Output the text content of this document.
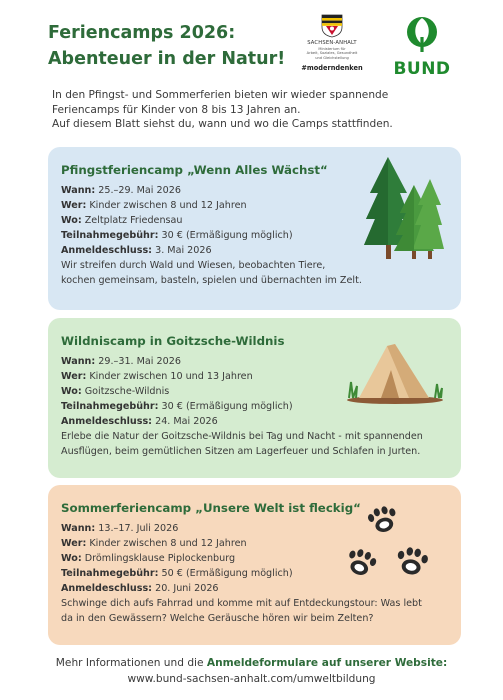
Feriencamps 2026:
Abenteuer in der Natur!
SACHSEN-ANHALT
Ministerium für
Arbeit, Soziales, Gesundheit
und Gleichstellung
#moderndenken	BUND

In den Pfingst- und Sommerferien bieten wir wieder spannende

Feriencamps für Kinder von 8 bis 13 Jahren an.

Auf diesem Blatt siehst du, wann und wo die Camps stattfinden.

Pfingstferiencamp „Wenn Alles Wächst“
Wann: 25.–29. Mai 2026
Wer: Kinder zwischen 8 und 12 Jahren
Wo: Zeltplatz Friedensau
Teilnahmegebühr: 30 € (Ermäßigung möglich)
Anmeldeschluss: 3. Mai 2026
Wir streifen durch Wald und Wiesen, beobachten Tiere,
kochen gemeinsam, basteln, spielen und übernachten im Zelt.
Wildniscamp in Goitzsche-Wildnis
Wann: 29.–31. Mai 2026
Wer: Kinder zwischen 10 und 13 Jahren
Wo: Goitzsche-Wildnis
Teilnahmegebühr: 30 € (Ermäßigung möglich)
Anmeldeschluss: 24. Mai 2026
Erlebe die Natur der Goitzsche-Wildnis bei Tag und Nacht - mit spannenden
Ausflügen, beim gemütlichen Sitzen am Lagerfeuer und Schlafen in Jurten.
Sommerferiencamp „Unsere Welt ist fleckig“
Wann: 13.–17. Juli 2026
Wer: Kinder zwischen 8 und 12 Jahren
Wo: Drömlingsklause Piplockenburg
Teilnahmegebühr: 50 € (Ermäßigung möglich)
Anmeldeschluss: 20. Juni 2026
Schwinge dich aufs Fahrrad und komme mit auf Entdeckungstour: Was lebt
da in den Gewässern? Welche Geräusche hören wir beim Zelten?
Mehr Informationen und die Anmeldeformulare auf unserer Website:
www.bund-sachsen-anhalt.com/umweltbildung
